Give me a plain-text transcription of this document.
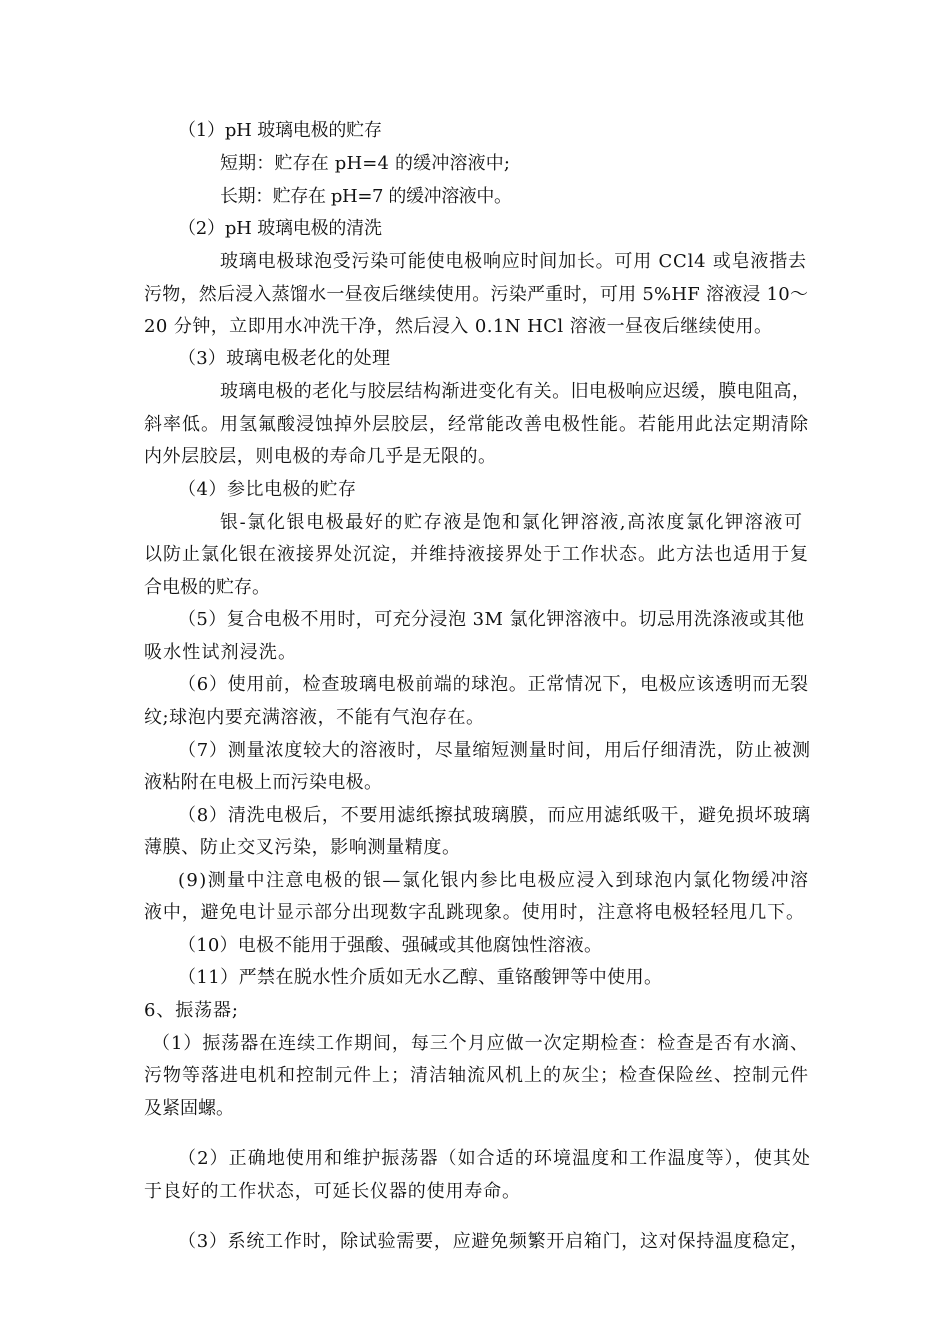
（1）pH 玻璃电极的贮存
短期：贮存在 pH=4 的缓冲溶液中;
长期：贮存在 pH=7 的缓冲溶液中。
（2）pH 玻璃电极的清洗
玻璃电极球泡受污染可能使电极响应时间加长。可用 CCl4 或皂液揩去
污物，然后浸入蒸馏水一昼夜后继续使用。污染严重时，可用 5%HF 溶液浸 10～
20 分钟，立即用水冲洗干净，然后浸入 0.1N HCl 溶液一昼夜后继续使用。
（3）玻璃电极老化的处理
玻璃电极的老化与胶层结构渐进变化有关。旧电极响应迟缓，膜电阻高，
斜率低。用氢氟酸浸蚀掉外层胶层，经常能改善电极性能。若能用此法定期清除
内外层胶层，则电极的寿命几乎是无限的。
（4）参比电极的贮存
银-氯化银电极最好的贮存液是饱和氯化钾溶液,高浓度氯化钾溶液可
以防止氯化银在液接界处沉淀，并维持液接界处于工作状态。此方法也适用于复
合电极的贮存。
（5）复合电极不用时，可充分浸泡 3M 氯化钾溶液中。切忌用洗涤液或其他
吸水性试剂浸洗。
（6）使用前，检查玻璃电极前端的球泡。正常情况下，电极应该透明而无裂
纹;球泡内要充满溶液，不能有气泡存在。
（7）测量浓度较大的溶液时，尽量缩短测量时间，用后仔细清洗，防止被测
液粘附在电极上而污染电极。
（8）清洗电极后，不要用滤纸擦拭玻璃膜，而应用滤纸吸干，避免损坏玻璃
薄膜、防止交叉污染，影响测量精度。
(9)测量中注意电极的银—氯化银内参比电极应浸入到球泡内氯化物缓冲溶
液中，避免电计显示部分出现数字乱跳现象。使用时，注意将电极轻轻甩几下。
（10）电极不能用于强酸、强碱或其他腐蚀性溶液。
（11）严禁在脱水性介质如无水乙醇、重铬酸钾等中使用。
6、振荡器;
（1）振荡器在连续工作期间，每三个月应做一次定期检查：检查是否有水滴、
污物等落进电机和控制元件上；清洁轴流风机上的灰尘；检查保险丝、控制元件
及紧固螺。
（2）正确地使用和维护振荡器（如合适的环境温度和工作温度等），使其处
于良好的工作状态，可延长仪器的使用寿命。
（3）系统工作时，除试验需要，应避免频繁开启箱门，这对保持温度稳定，
